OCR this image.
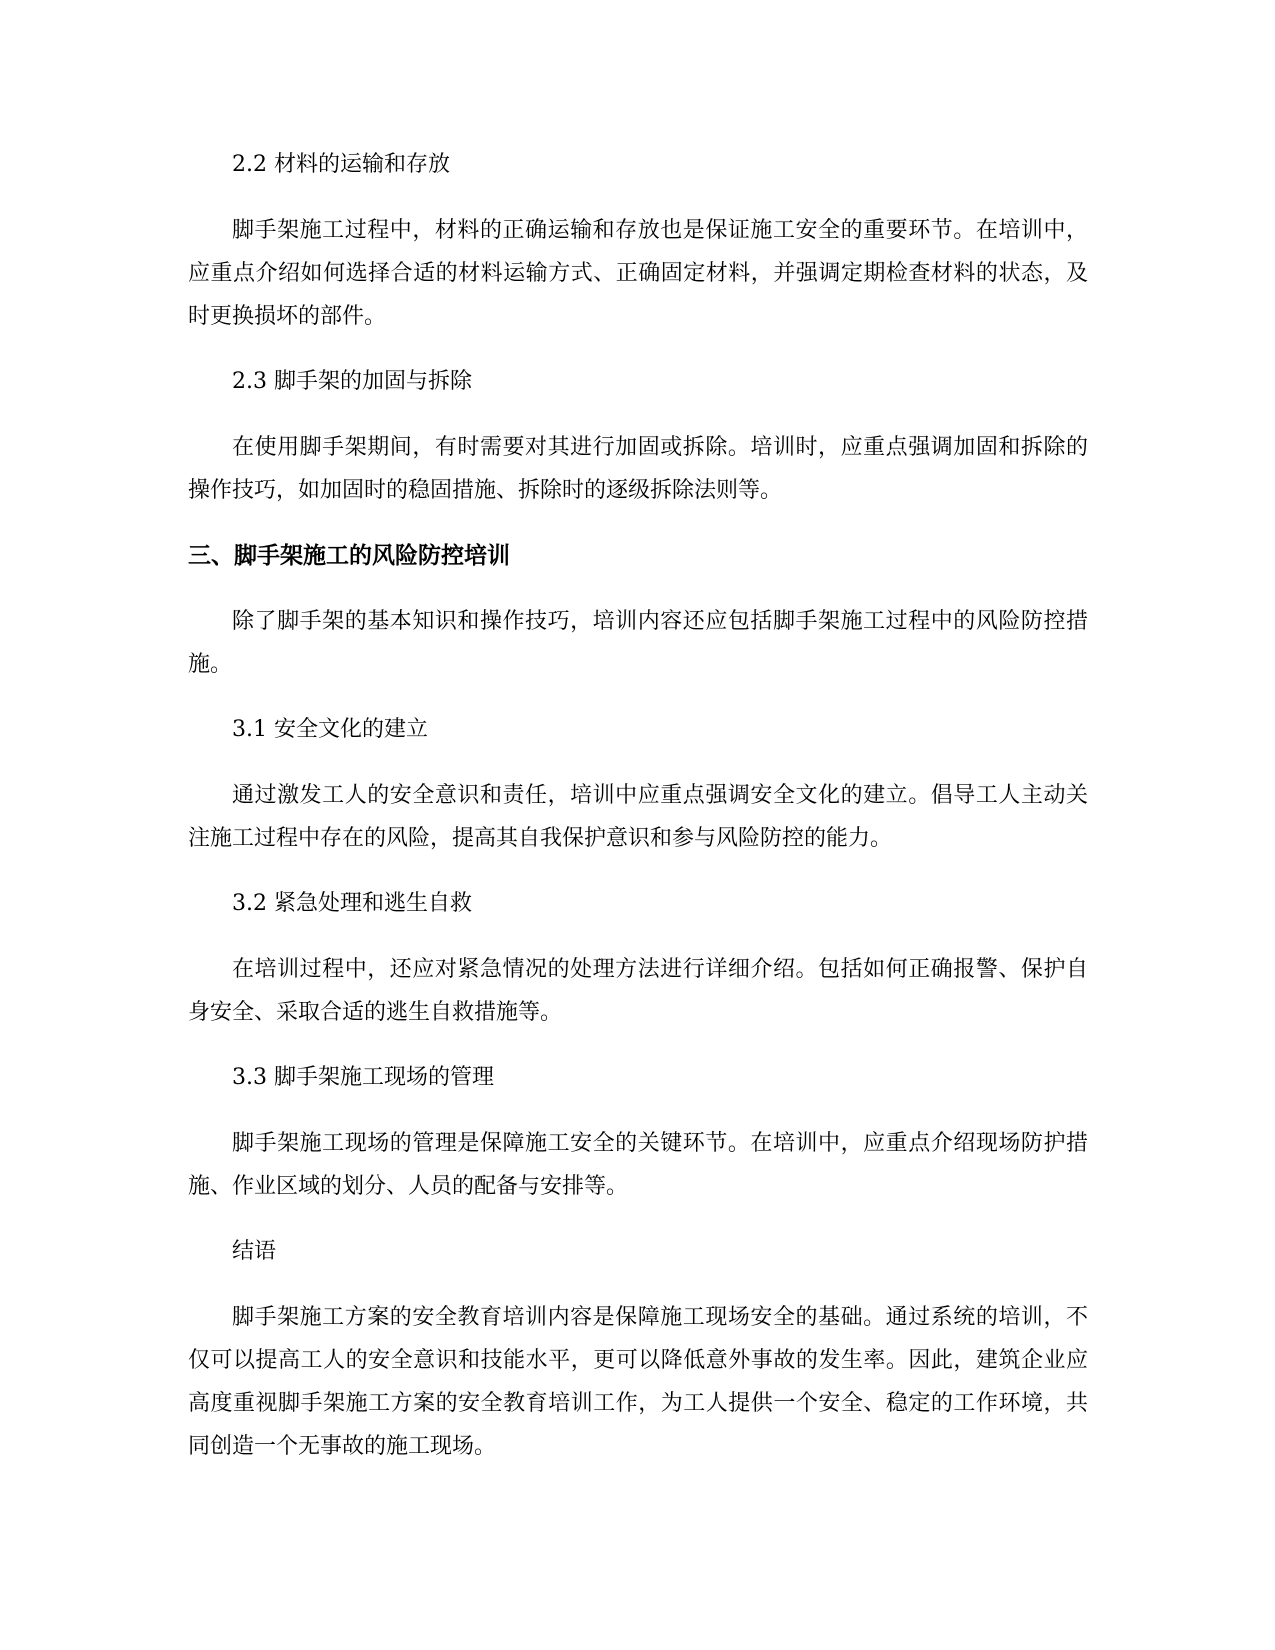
2.2 材料的运输和存放

脚手架施工过程中，材料的正确运输和存放也是保证施工安全的重要环节。在培训中，应重点介绍如何选择合适的材料运输方式、正确固定材料，并强调定期检查材料的状态，及时更换损坏的部件。

2.3 脚手架的加固与拆除

在使用脚手架期间，有时需要对其进行加固或拆除。培训时，应重点强调加固和拆除的操作技巧，如加固时的稳固措施、拆除时的逐级拆除法则等。

三、脚手架施工的风险防控培训

除了脚手架的基本知识和操作技巧，培训内容还应包括脚手架施工过程中的风险防控措施。

3.1 安全文化的建立

通过激发工人的安全意识和责任，培训中应重点强调安全文化的建立。倡导工人主动关注施工过程中存在的风险，提高其自我保护意识和参与风险防控的能力。

3.2 紧急处理和逃生自救

在培训过程中，还应对紧急情况的处理方法进行详细介绍。包括如何正确报警、保护自身安全、采取合适的逃生自救措施等。

3.3 脚手架施工现场的管理

脚手架施工现场的管理是保障施工安全的关键环节。在培训中，应重点介绍现场防护措施、作业区域的划分、人员的配备与安排等。

结语

脚手架施工方案的安全教育培训内容是保障施工现场安全的基础。通过系统的培训，不仅可以提高工人的安全意识和技能水平，更可以降低意外事故的发生率。因此，建筑企业应高度重视脚手架施工方案的安全教育培训工作，为工人提供一个安全、稳定的工作环境，共同创造一个无事故的施工现场。
